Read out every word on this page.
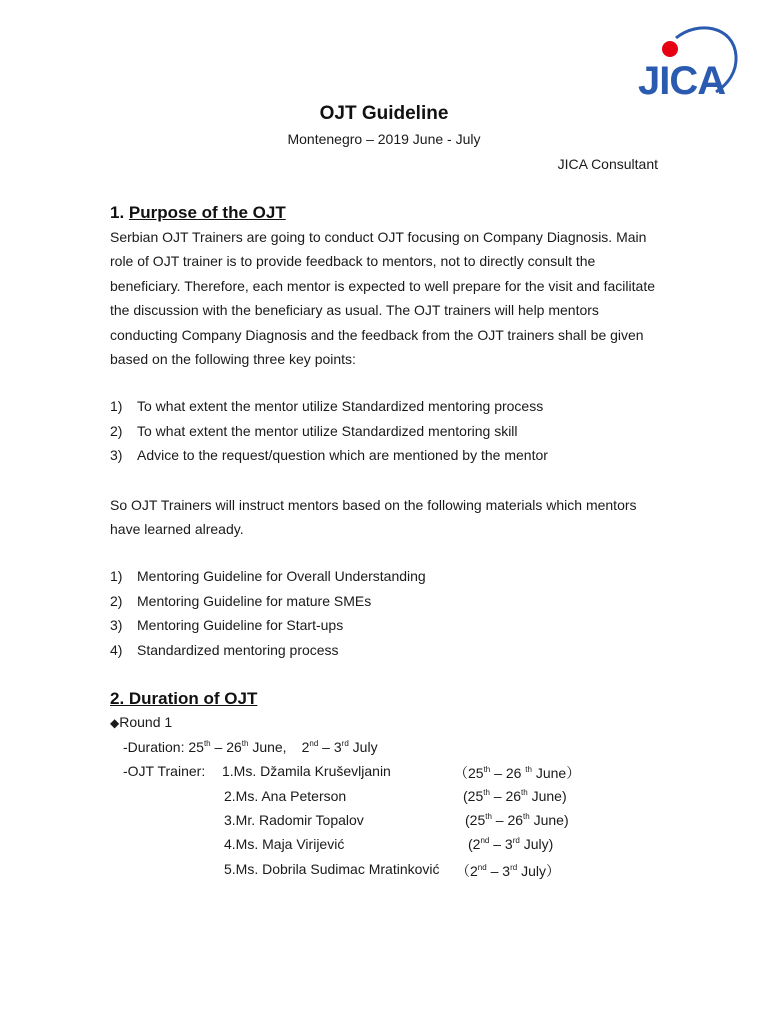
JICA
OJT Guideline
Montenegro – 2019 June - July
JICA Consultant
1. Purpose of the OJT
Serbian OJT Trainers are going to conduct OJT focusing on Company Diagnosis. Main role of OJT trainer is to provide feedback to mentors, not to directly consult the beneficiary. Therefore, each mentor is expected to well prepare for the visit and facilitate the discussion with the beneficiary as usual. The OJT trainers will help mentors conducting Company Diagnosis and the feedback from the OJT trainers shall be given based on the following three key points:
1) To what extent the mentor utilize Standardized mentoring process
2) To what extent the mentor utilize Standardized mentoring skill
3) Advice to the request/question which are mentioned by the mentor
So OJT Trainers will instruct mentors based on the following materials which mentors have learned already.
1) Mentoring Guideline for Overall Understanding
2) Mentoring Guideline for mature SMEs
3) Mentoring Guideline for Start-ups
4) Standardized mentoring process
2. Duration of OJT
◆Round 1
-Duration: 25th – 26th June, 2nd – 3rd July
-OJT Trainer: 1.Ms. Džamila Kruševljanin	（25th – 26 $^{th}$ June）
2.Ms. Ana Peterson	(25th – 26th June)
3.Mr. Radomir Topalov	(25th – 26th June)
4.Ms. Maja Virijević	(2nd – 3rd July)
5.Ms. Dobrila Sudimac Mratinković （2nd – 3rd July）
